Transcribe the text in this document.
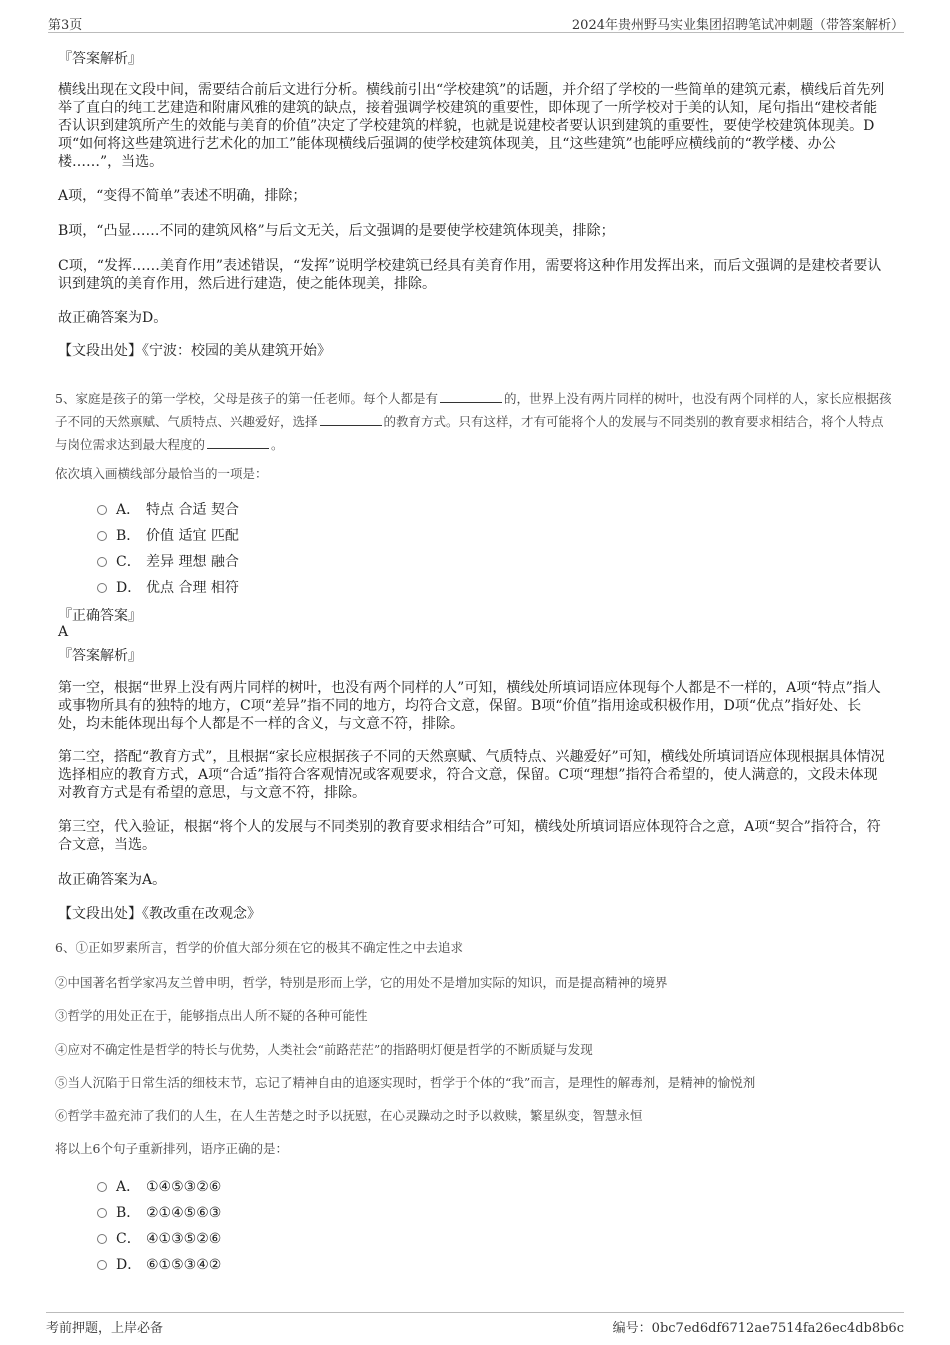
第3页	2024年贵州野马实业集团招聘笔试冲刺题（带答案解析）
『答案解析』

横线出现在文段中间，需要结合前后文进行分析。横线前引出“学校建筑”的话题，并介绍了学校的一些简单的建筑元素，横线后首先列举了直白的纯工艺建造和附庸风雅的建筑的缺点，接着强调学校建筑的重要性，即体现了一所学校对于美的认知，尾句指出“建校者能否认识到建筑所产生的效能与美育的价值”决定了学校建筑的样貌，也就是说建校者要认识到建筑的重要性，要使学校建筑体现美。D项“如何将这些建筑进行艺术化的加工”能体现横线后强调的使学校建筑体现美，且“这些建筑”也能呼应横线前的“教学楼、办公楼……”，当选。

A项，“变得不简单”表述不明确，排除；

B项，“凸显……不同的建筑风格”与后文无关，后文强调的是要使学校建筑体现美，排除；

C项，“发挥……美育作用”表述错误，“发挥”说明学校建筑已经具有美育作用，需要将这种作用发挥出来，而后文强调的是建校者要认识到建筑的美育作用，然后进行建造，使之能体现美，排除。

故正确答案为D。

【文段出处】《宁波：校园的美从建筑开始》

5、家庭是孩子的第一学校，父母是孩子的第一任老师。每个人都是有	的，世界上没有两片同样的树叶，也没有两个同样的人，家长应根据孩子不同的天然禀赋、气质特点、兴趣爱好，选择	的教育方式。只有这样，才有可能将个人的发展与不同类别的教育要求相结合，将个人特点与岗位需求达到最大程度的	。

依次填入画横线部分最恰当的一项是：
A． 特点 合适 契合
B． 价值 适宜 匹配
C． 差异 理想 融合
D． 优点 合理 相符
『正确答案』
A
『答案解析』

第一空，根据“世界上没有两片同样的树叶，也没有两个同样的人”可知，横线处所填词语应体现每个人都是不一样的，A项“特点”指人或事物所具有的独特的地方，C项“差异”指不同的地方，均符合文意，保留。B项“价值”指用途或积极作用，D项“优点”指好处、长处，均未能体现出每个人都是不一样的含义，与文意不符，排除。

第二空，搭配“教育方式”，且根据“家长应根据孩子不同的天然禀赋、气质特点、兴趣爱好”可知，横线处所填词语应体现根据具体情况选择相应的教育方式，A项“合适”指符合客观情况或客观要求，符合文意，保留。C项“理想”指符合希望的，使人满意的，文段未体现对教育方式是有希望的意思，与文意不符，排除。

第三空，代入验证，根据“将个人的发展与不同类别的教育要求相结合”可知，横线处所填词语应体现符合之意，A项“契合”指符合，符合文意，当选。

故正确答案为A。

【文段出处】《教改重在改观念》

6、①正如罗素所言，哲学的价值大部分须在它的极其不确定性之中去追求
②中国著名哲学家冯友兰曾申明，哲学，特别是形而上学，它的用处不是增加实际的知识，而是提高精神的境界
③哲学的用处正在于，能够指点出人所不疑的各种可能性
④应对不确定性是哲学的特长与优势，人类社会“前路茫茫”的指路明灯便是哲学的不断质疑与发现
⑤当人沉陷于日常生活的细枝末节，忘记了精神自由的追逐实现时，哲学于个体的“我”而言，是理性的解毒剂，是精神的愉悦剂
⑥哲学丰盈充沛了我们的人生，在人生苦楚之时予以抚慰，在心灵躁动之时予以救赎，繁星纵变，智慧永恒
将以上6个句子重新排列，语序正确的是：
A． ①④⑤③②⑥
B． ②①④⑤⑥③
C． ④①③⑤②⑥
D． ⑥①⑤③④②
考前押题，上岸必备	编号：0bc7ed6df6712ae7514fa26ec4db8b6c
